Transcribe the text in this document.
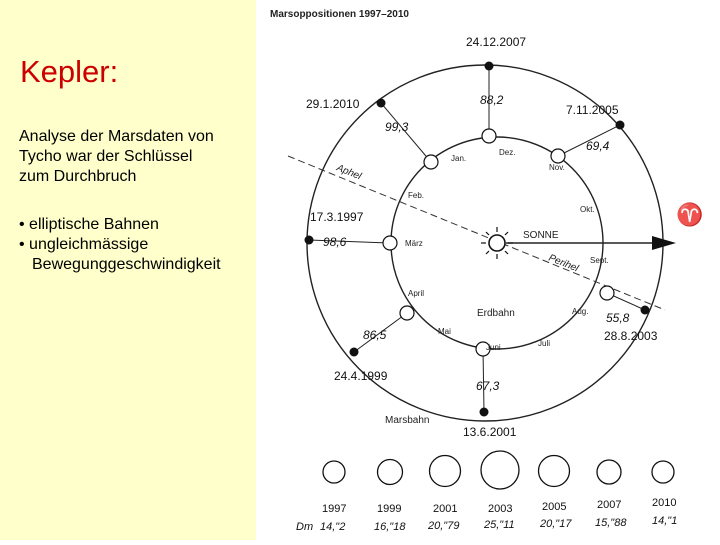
Kepler:
Analyse der Marsdaten von
Tycho war der Schlüssel
zum Durchbruch
• elliptische Bahnen
• ungleichmässige
Bewegunggeschwindigkeit
Marsoppositionen 1997–2010
♈
SONNE
Marsbahn
Erdbahn
Aphel
Perihel
24.12.2007
29.1.2010	7.11.2005
17.3.1997
24.4.1999
13.6.2001
28.8.2003
88,2
99,3
69,4
98,6
86,5
67,3
55,8
Jan.
Dez.
Nov.
Feb.
Okt.
März
Sept.
April
Aug.
Mai
Juni	Juli
1997	1999	2001	2003	2005	2007	2010
Dm 14,"2	16,"18 20,"79 25,"11 20,"17 15,"88 14,"1
